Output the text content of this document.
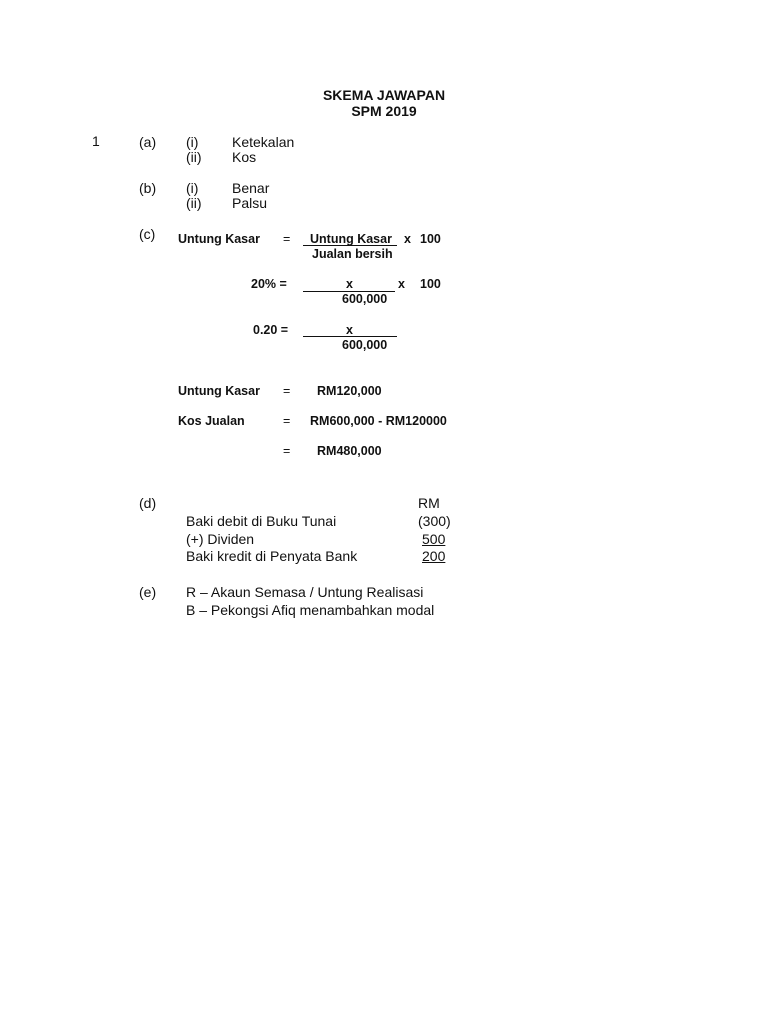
SKEMA JAWAPAN
SPM 2019
1	(a) (i) Ketekalan
(ii) Kos
(b) (i) Benar
(ii) Palsu
(c) Untung Kasar = Untung Kasar x 100
Jualan bersih
20% =	x	x 100
600,000
0.20 =	x
600,000
Untung Kasar = RM120,000
Kos Jualan	= RM600,000 - RM120000
= RM480,000
(d)	RM
Baki debit di Buku Tunai	(300)
(+) Dividen	500
Baki kredit di Penyata Bank	200
(e) R – Akaun Semasa / Untung Realisasi
B – Pekongsi Afiq menambahkan modal
